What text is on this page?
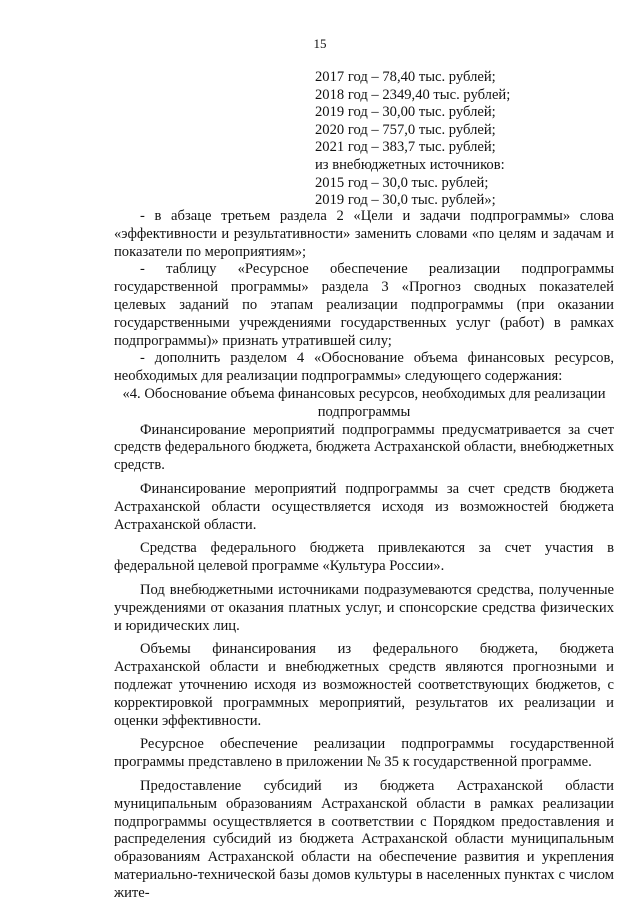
15
2017 год – 78,40 тыс. рублей;
2018 год – 2349,40 тыс. рублей;
2019 год – 30,00 тыс. рублей;
2020 год – 757,0 тыс. рублей;
2021 год – 383,7 тыс. рублей;
из внебюджетных источников:
2015 год – 30,0 тыс. рублей;
2019 год – 30,0 тыс. рублей»;

- в абзаце третьем раздела 2 «Цели и задачи подпрограммы» слова «эффективности и результативности» заменить словами «по целям и задачам и показатели по мероприятиям»;

- таблицу «Ресурсное обеспечение реализации подпрограммы государственной программы» раздела 3 «Прогноз сводных показателей целевых заданий по этапам реализации подпрограммы (при оказании государственными учреждениями государственных услуг (работ) в рамках подпрограммы)» признать утратившей силу;

- дополнить разделом 4 «Обоснование объема финансовых ресурсов, необходимых для реализации подпрограммы» следующего содержания:

«4. Обоснование объема финансовых ресурсов, необходимых для реализации

подпрограммы

Финансирование мероприятий подпрограммы предусматривается за счет средств федерального бюджета, бюджета Астраханской области, внебюджетных средств.

Финансирование мероприятий подпрограммы за счет средств бюджета Астраханской области осуществляется исходя из возможностей бюджета Астраханской области.

Средства федерального бюджета привлекаются за счет участия в федеральной целевой программе «Культура России».

Под внебюджетными источниками подразумеваются средства, полученные учреждениями от оказания платных услуг, и спонсорские средства физических и юридических лиц.

Объемы финансирования из федерального бюджета, бюджета Астраханской области и внебюджетных средств являются прогнозными и подлежат уточнению исходя из возможностей соответствующих бюджетов, с корректировкой программных мероприятий, результатов их реализации и оценки эффективности.

Ресурсное обеспечение реализации подпрограммы государственной программы представлено в приложении № 35 к государственной программе.

Предоставление субсидий из бюджета Астраханской области муниципальным образованиям Астраханской области в рамках реализации подпрограммы осуществляется в соответствии с Порядком предоставления и распределения субсидий из бюджета Астраханской области муниципальным образованиям Астраханской области на обеспечение развития и укрепления материально-технической базы домов культуры в населенных пунктах с числом жите-
